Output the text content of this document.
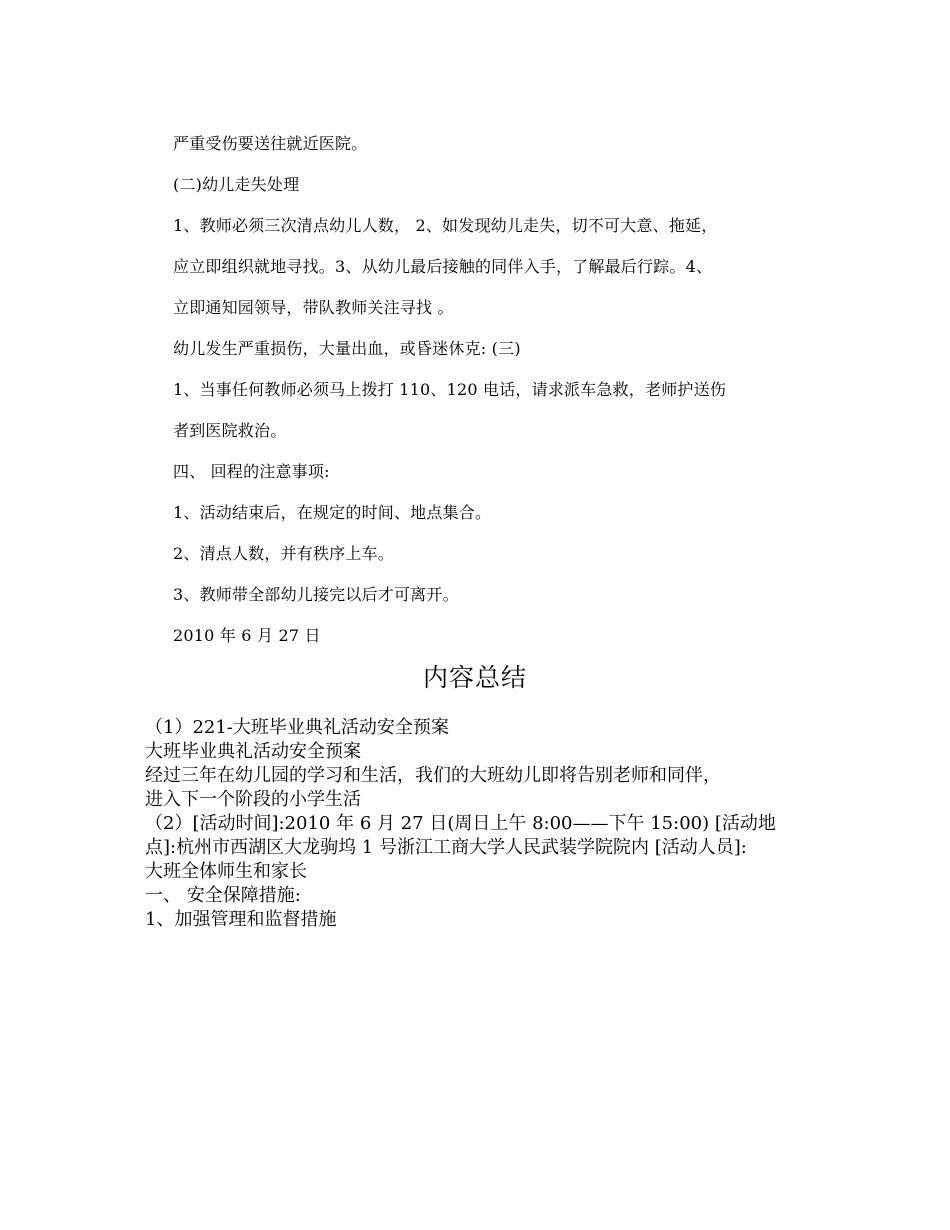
严重受伤要送往就近医院。
(二)幼儿走失处理
1、教师必须三次清点幼儿人数， 2、如发现幼儿走失，切不可大意、拖延，
应立即组织就地寻找。3、从幼儿最后接触的同伴入手，了解最后行踪。4、
立即通知园领导，带队教师关注寻找 。
幼儿发生严重损伤，大量出血，或昏迷休克: (三)
1、当事任何教师必须马上拨打 110、120 电话，请求派车急救，老师护送伤
者到医院救治。
四、 回程的注意事项:
1、活动结束后，在规定的时间、地点集合。
2、清点人数，并有秩序上车。
3、教师带全部幼儿接完以后才可离开。
2010 年 6 月 27 日
内容总结
（1）221-大班毕业典礼活动安全预案
大班毕业典礼活动安全预案
经过三年在幼儿园的学习和生活，我们的大班幼儿即将告别老师和同伴，
进入下一个阶段的小学生活
（2）[活动时间]:2010 年 6 月 27 日(周日上午 8:00——下午 15:00) [活动地
点]:杭州市西湖区大龙驹坞 1 号浙江工商大学人民武装学院院内 [活动人员]:
大班全体师生和家长
一、 安全保障措施:
1、加强管理和监督措施
